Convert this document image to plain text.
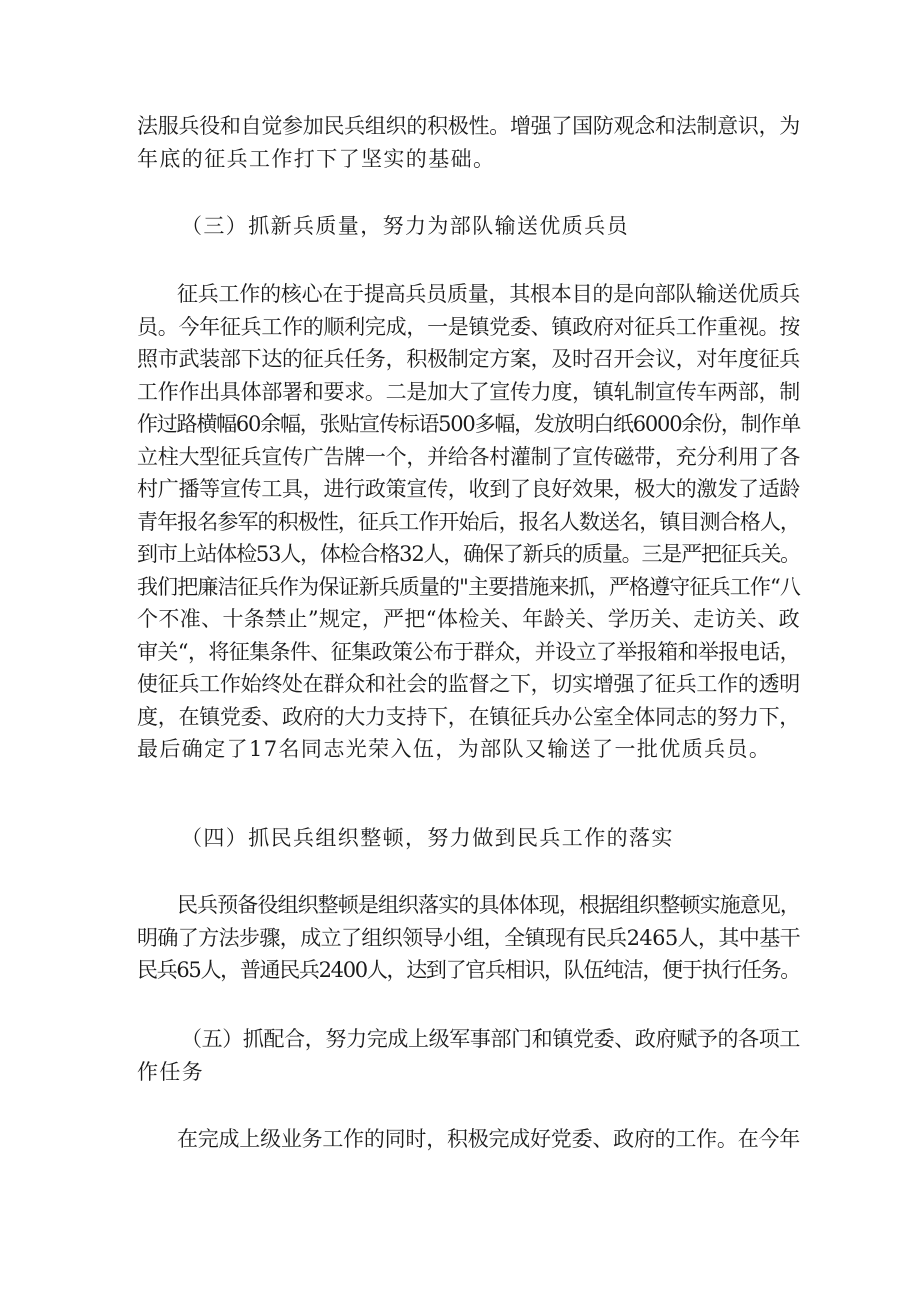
法服兵役和自觉参加民兵组织的积极性。增强了国防观念和法制意识，为
年底的征兵工作打下了坚实的基础。
（三）抓新兵质量，努力为部队输送优质兵员
征兵工作的核心在于提高兵员质量，其根本目的是向部队输送优质兵
员。今年征兵工作的顺利完成，一是镇党委、镇政府对征兵工作重视。按
照市武装部下达的征兵任务，积极制定方案，及时召开会议，对年度征兵
工作作出具体部署和要求。二是加大了宣传力度，镇轧制宣传车两部，制
作过路横幅60余幅，张贴宣传标语500多幅，发放明白纸6000余份，制作单
立柱大型征兵宣传广告牌一个，并给各村灌制了宣传磁带，充分利用了各
村广播等宣传工具，进行政策宣传，收到了良好效果，极大的激发了适龄
青年报名参军的积极性，征兵工作开始后，报名人数送名，镇目测合格人，
到市上站体检53人，体检合格32人，确保了新兵的质量。三是严把征兵关。
我们把廉洁征兵作为保证新兵质量的"主要措施来抓，严格遵守征兵工作“八
个不准、十条禁止”规定，严把“体检关、年龄关、学历关、走访关、政
审关“，将征集条件、征集政策公布于群众，并设立了举报箱和举报电话，
使征兵工作始终处在群众和社会的监督之下，切实增强了征兵工作的透明
度，在镇党委、政府的大力支持下，在镇征兵办公室全体同志的努力下，
最后确定了17名同志光荣入伍，为部队又输送了一批优质兵员。
（四）抓民兵组织整顿，努力做到民兵工作的落实
民兵预备役组织整顿是组织落实的具体体现，根据组织整顿实施意见，
明确了方法步骤，成立了组织领导小组，全镇现有民兵2465人，其中基干
民兵65人，普通民兵2400人，达到了官兵相识，队伍纯洁，便于执行任务。
（五）抓配合，努力完成上级军事部门和镇党委、政府赋予的各项工
作任务
在完成上级业务工作的同时，积极完成好党委、政府的工作。在今年
